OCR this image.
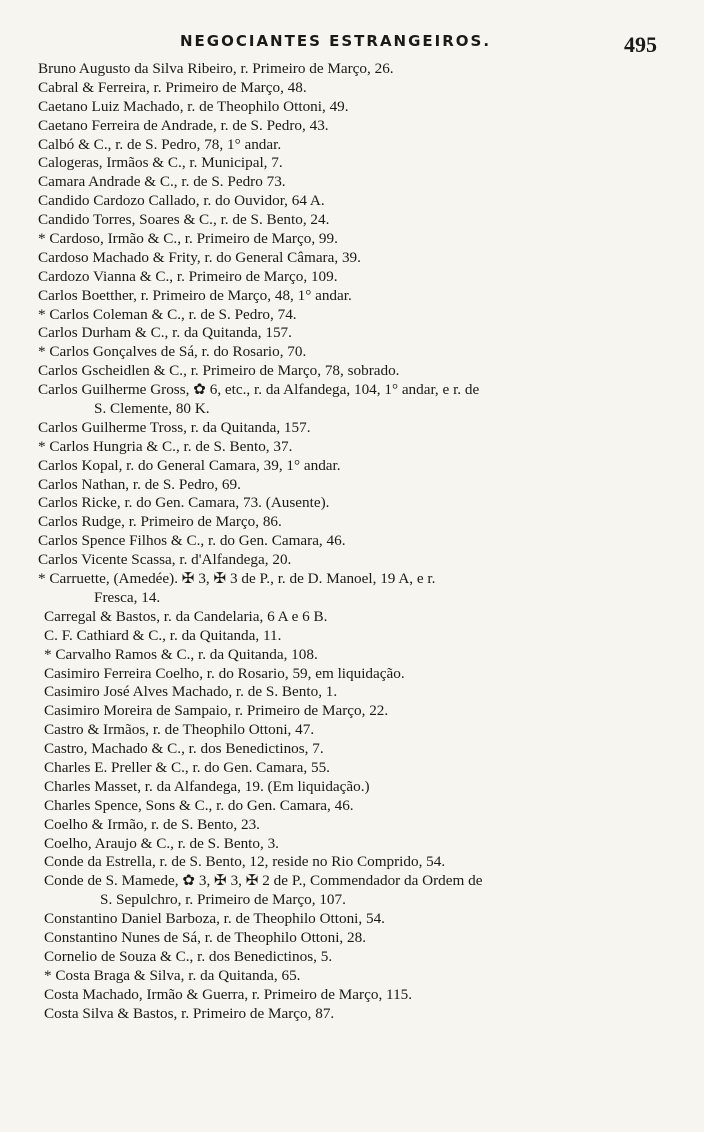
NEGOCIANTES ESTRANGEIROS.	495
Bruno Augusto da Silva Ribeiro, r. Primeiro de Março, 26.
Cabral & Ferreira, r. Primeiro de Março, 48.
Caetano Luiz Machado, r. de Theophilo Ottoni, 49.
Caetano Ferreira de Andrade, r. de S. Pedro, 43.
Calbó & C., r. de S. Pedro, 78, 1° andar.
Calogeras, Irmãos & C., r. Municipal, 7.
Camara Andrade & C., r. de S. Pedro 73.
Candido Cardozo Callado, r. do Ouvidor, 64 A.
Candido Torres, Soares & C., r. de S. Bento, 24.
* Cardoso, Irmão & C., r. Primeiro de Março, 99.
Cardoso Machado & Frity, r. do General Câmara, 39.
Cardozo Vianna & C., r. Primeiro de Março, 109.
Carlos Boetther, r. Primeiro de Março, 48, 1° andar.
* Carlos Coleman & C., r. de S. Pedro, 74.
Carlos Durham & C., r. da Quitanda, 157.
* Carlos Gonçalves de Sá, r. do Rosario, 70.
Carlos Gscheidlen & C., r. Primeiro de Março, 78, sobrado.
Carlos Guilherme Gross, ✿ 6, etc., r. da Alfandega, 104, 1° andar, e r. de
S. Clemente, 80 K.
Carlos Guilherme Tross, r. da Quitanda, 157.
* Carlos Hungria & C., r. de S. Bento, 37.
Carlos Kopal, r. do General Camara, 39, 1° andar.
Carlos Nathan, r. de S. Pedro, 69.
Carlos Ricke, r. do Gen. Camara, 73. (Ausente).
Carlos Rudge, r. Primeiro de Março, 86.
Carlos Spence Filhos & C., r. do Gen. Camara, 46.
Carlos Vicente Scassa, r. d'Alfandega, 20.
* Carruette, (Amedée). ✠ 3, ✠ 3 de P., r. de D. Manoel, 19 A, e r.
Fresca, 14.
Carregal & Bastos, r. da Candelaria, 6 A e 6 B.
C. F. Cathiard & C., r. da Quitanda, 11.
* Carvalho Ramos & C., r. da Quitanda, 108.
Casimiro Ferreira Coelho, r. do Rosario, 59, em liquidação.
Casimiro José Alves Machado, r. de S. Bento, 1.
Casimiro Moreira de Sampaio, r. Primeiro de Março, 22.
Castro & Irmãos, r. de Theophilo Ottoni, 47.
Castro, Machado & C., r. dos Benedictinos, 7.
Charles E. Preller & C., r. do Gen. Camara, 55.
Charles Masset, r. da Alfandega, 19. (Em liquidação.)
Charles Spence, Sons & C., r. do Gen. Camara, 46.
Coelho & Irmão, r. de S. Bento, 23.
Coelho, Araujo & C., r. de S. Bento, 3.
Conde da Estrella, r. de S. Bento, 12, reside no Rio Comprido, 54.
Conde de S. Mamede, ✿ 3, ✠ 3, ✠ 2 de P., Commendador da Ordem de
S. Sepulchro, r. Primeiro de Março, 107.
Constantino Daniel Barboza, r. de Theophilo Ottoni, 54.
Constantino Nunes de Sá, r. de Theophilo Ottoni, 28.
Cornelio de Souza & C., r. dos Benedictinos, 5.
* Costa Braga & Silva, r. da Quitanda, 65.
Costa Machado, Irmão & Guerra, r. Primeiro de Março, 115.
Costa Silva & Bastos, r. Primeiro de Março, 87.
